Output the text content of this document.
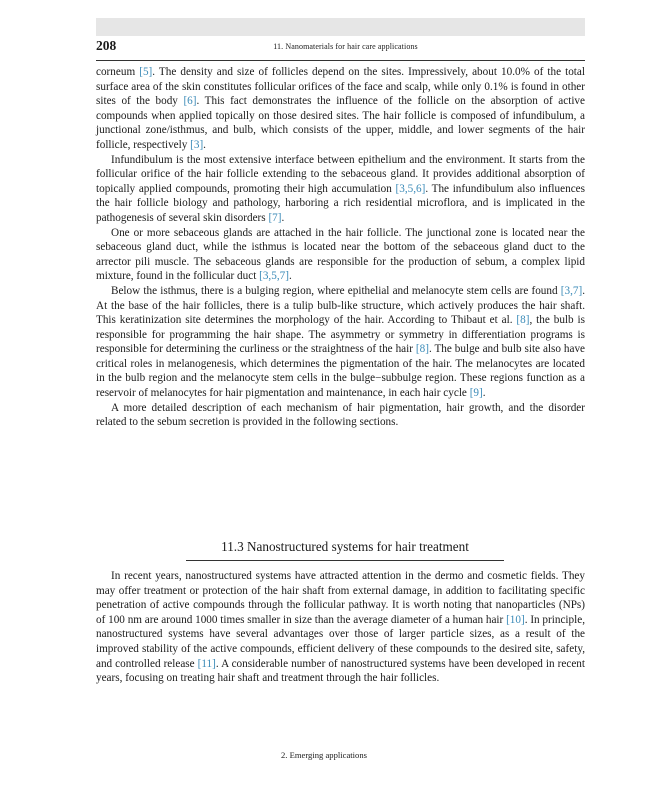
208	11. Nanomaterials for hair care applications

corneum [5]. The density and size of follicles depend on the sites. Impressively, about 10.0% of the total surface area of the skin constitutes follicular orifices of the face and scalp, while only 0.1% is found in other sites of the body [6]. This fact demonstrates the influence of the follicle on the absorption of active compounds when applied topically on those desired sites. The hair follicle is composed of infundibulum, a junctional zone/isthmus, and bulb, which consists of the upper, middle, and lower segments of the hair follicle, respectively [3].

Infundibulum is the most extensive interface between epithelium and the environment. It starts from the follicular orifice of the hair follicle extending to the sebaceous gland. It provides additional absorption of topically applied compounds, promoting their high accumulation [3,5,6]. The infundibulum also influences the hair follicle biology and pathology, harboring a rich residential microflora, and is implicated in the pathogenesis of several skin disorders [7].

One or more sebaceous glands are attached in the hair follicle. The junctional zone is located near the sebaceous gland duct, while the isthmus is located near the bottom of the sebaceous gland duct to the arrector pili muscle. The sebaceous glands are responsible for the production of sebum, a complex lipid mixture, found in the follicular duct [3,5,7].

Below the isthmus, there is a bulging region, where epithelial and melanocyte stem cells are found [3,7]. At the base of the hair follicles, there is a tulip bulb-like structure, which actively produces the hair shaft. This keratinization site determines the morphology of the hair. According to Thibaut et al. [8], the bulb is responsible for programming the hair shape. The asymmetry or symmetry in differentiation programs is responsible for determining the curliness or the straightness of the hair [8]. The bulge and bulb site also have critical roles in melanogenesis, which determines the pigmentation of the hair. The melanocytes are located in the bulb region and the melanocyte stem cells in the bulge−subbulge region. These regions function as a reservoir of melanocytes for hair pigmentation and maintenance, in each hair cycle [9].

A more detailed description of each mechanism of hair pigmentation, hair growth, and the disorder related to the sebum secretion is provided in the following sections.

11.3 Nanostructured systems for hair treatment

In recent years, nanostructured systems have attracted attention in the dermo and cosmetic fields. They may offer treatment or protection of the hair shaft from external damage, in addition to facilitating specific penetration of active compounds through the follicular pathway. It is worth noting that nanoparticles (NPs) of 100 nm are around 1000 times smaller in size than the average diameter of a human hair [10]. In principle, nanostructured systems have several advantages over those of larger particle sizes, as a result of the improved stability of the active compounds, efficient delivery of these compounds to the desired site, safety, and controlled release [11]. A considerable number of nanostructured systems have been developed in recent years, focusing on treating hair shaft and treatment through the hair follicles.

2. Emerging applications
